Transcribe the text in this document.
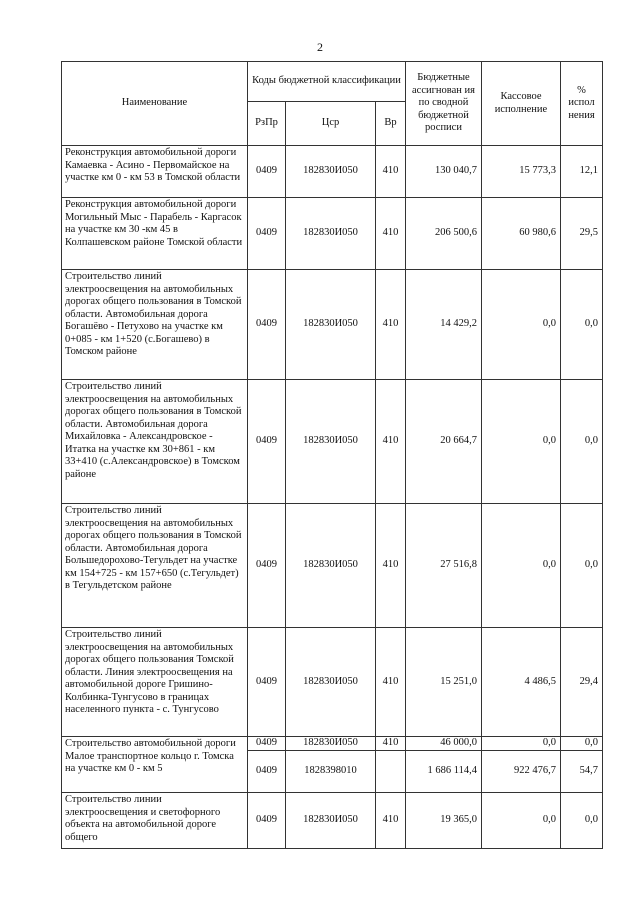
2
Наименование	Коды бюджетной классификации			Бюджетные ассигнован ия по сводной бюджетной росписи	Кассовое исполнение	% испол нения
	РзПр	Цср	Вр			
Реконструкция автомобильной дороги Камаевка - Асино - Первомайское на участке км 0 - км 53 в Томской области	0409	182830И050	410	130 040,7	15 773,3	12,1
Реконструкция автомобильной дороги Могильный Мыс - Парабель - Каргасок на участке км 30 -км 45 в Колпашевском районе Томской области	0409	182830И050	410	206 500,6	60 980,6	29,5
Строительство линий электроосвещения на автомобильных дорогах общего пользования в Томской области. Автомобильная дорога Богашёво - Петухово на участке км 0+085 - км 1+520 (с.Богашево) в Томском районе	0409	182830И050	410	14 429,2	0,0	0,0
Строительство линий электроосвещения на автомобильных дорогах общего пользования в Томской области. Автомобильная дорога Михайловка - Александровское - Итатка на участке км 30+861 - км 33+410 (с.Александровское) в Томском районе	0409	182830И050	410	20 664,7	0,0	0,0
Строительство линий электроосвещения на автомобильных дорогах общего пользования в Томской области. Автомобильная дорога Большедорохово-Тегульдет на участке км 154+725 - км 157+650 (с.Тегульдет) в Тегульдетском районе	0409	182830И050	410	27 516,8	0,0	0,0
Строительство линий электроосвещения на автомобильных дорогах общего пользования Томской области. Линия электроосвещения на автомобильной дороге Гришино-Колбинка-Тунгусово в границах населенного пункта - с. Тунгусово	0409	182830И050	410	15 251,0	4 486,5	29,4
Строительство автомобильной дороги Малое транспортное кольцо г. Томска на участке км 0 - км 5	0409	182830И050	410	46 000,0	0,0	0,0
	0409	1828398010		1 686 114,4	922 476,7	54,7
Строительство линии электроосвещения и светофорного объекта на автомобильной дороге общего	0409	182830И050	410	19 365,0	0,0	0,0
